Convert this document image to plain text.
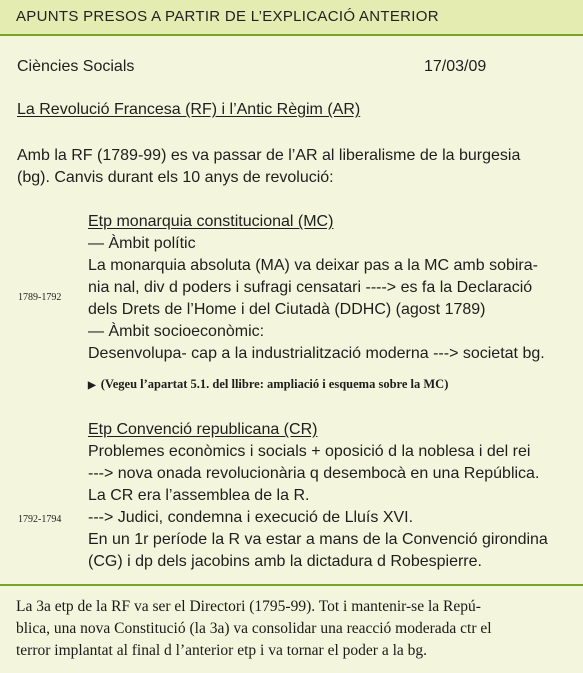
APUNTS PRESOS A PARTIR DE L’EXPLICACIÓ ANTERIOR
Ciències Socials	17/03/09
La Revolució Francesa (RF) i l’Antic Règim (AR)
Amb la RF (1789-99) es va passar de l’AR al liberalisme de la burgesia
(bg). Canvis durant els 10 anys de revolució:
1789-1792
Etp monarquia constitucional (MC)
— Àmbit polític
La monarquia absoluta (MA) va deixar pas a la MC amb sobira-
nia nal, div d poders i sufragi censatari ----> es fa la Declaració
dels Drets de l’Home i del Ciutadà (DDHC) (agost 1789)
— Àmbit socioeconòmic:
Desenvolupa- cap a la industrialització moderna ---> societat bg.
▶ (Vegeu l’apartat 5.1. del llibre: ampliació i esquema sobre la MC)
1792-1794
Etp Convenció republicana (CR)
Problemes econòmics i socials + oposició d la noblesa i del rei
---> nova onada revolucionària q desembocà en una República.
La CR era l’assemblea de la R.
---> Judici, condemna i execució de Lluís XVI.
En un 1r període la R va estar a mans de la Convenció girondina
(CG) i dp dels jacobins amb la dictadura d Robespierre.
La 3a etp de la RF va ser el Directori (1795-99). Tot i mantenir-se la Repú-
blica, una nova Constitució (la 3a) va consolidar una reacció moderada ctr el
terror implantat al final d l’anterior etp i va tornar el poder a la bg.
